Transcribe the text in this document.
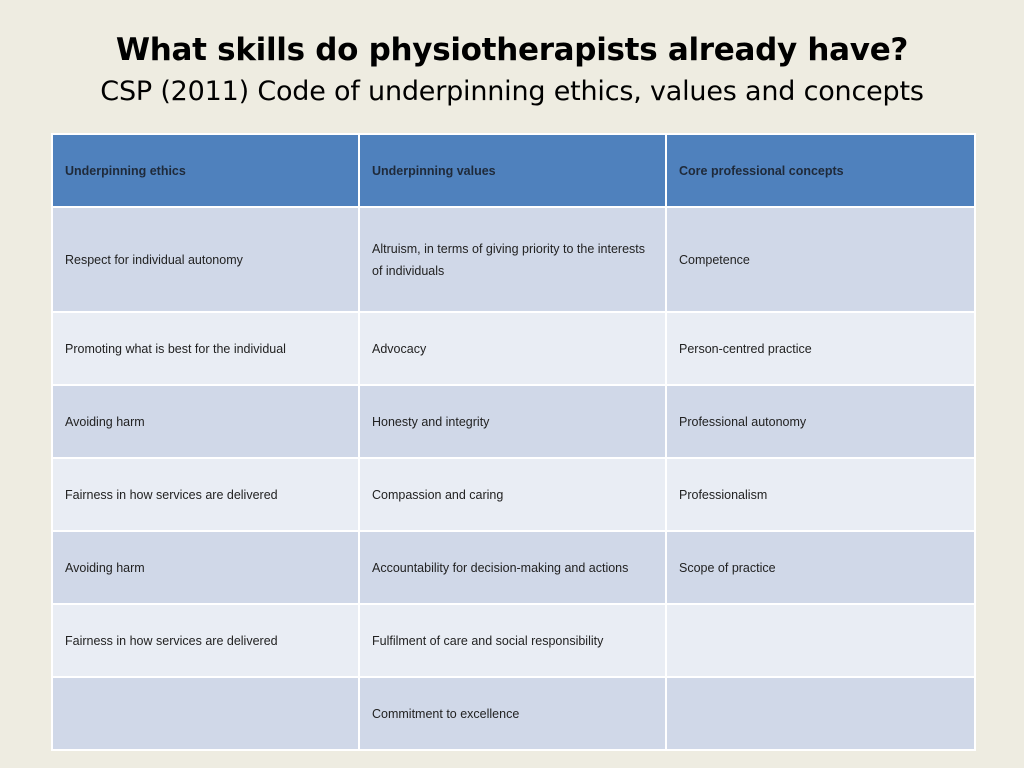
What skills do physiotherapists already have?
CSP (2011) Code of underpinning ethics, values and concepts
Underpinning ethics	Underpinning values	Core professional concepts

Respect for individual autonomy	Altruism, in terms of giving priority to the interests of individuals	Competence

Promoting what is best for the individual	Advocacy	Person-centred practice

Avoiding harm	Honesty and integrity	Professional autonomy

Fairness in how services are delivered	Compassion and caring	Professionalism

Avoiding harm	Accountability for decision-making and actions	Scope of practice

Fairness in how services are delivered	Fulfilment of care and social responsibility	

	Commitment to excellence	
